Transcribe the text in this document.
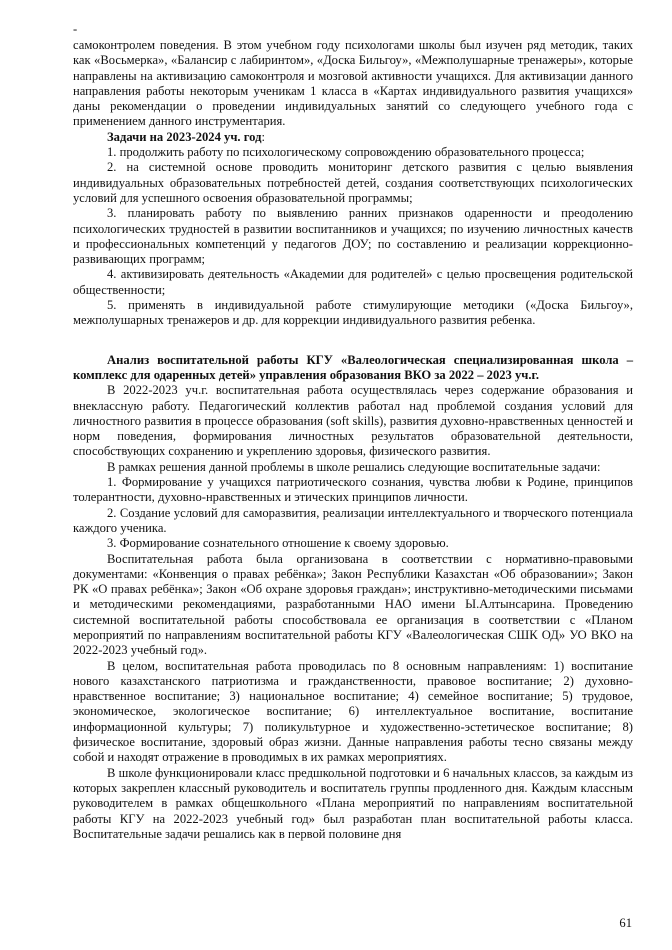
-

самоконтролем поведения. В этом учебном году психологами школы был изучен ряд методик, таких как «Восьмерка», «Балансир с лабиринтом», «Доска Бильгоу», «Межполушарные тренажеры», которые направлены на активизацию самоконтроля и мозговой активности учащихся. Для активизации данного направления работы некоторым ученикам 1 класса в «Картах индивидуального развития учащихся» даны рекомендации о проведении индивидуальных занятий со следующего учебного года с применением данного инструментария.

Задачи на 2023-2024 уч. год:

1. продолжить работу по психологическому сопровождению образовательного процесса;

2. на системной основе проводить мониторинг детского развития с целью выявления индивидуальных образовательных потребностей детей, создания соответствующих психологических условий для успешного освоения образовательной программы;

3. планировать работу по выявлению ранних признаков одаренности и преодолению психологических трудностей в развитии воспитанников и учащихся; по изучению личностных качеств и профессиональных компетенций у педагогов ДОУ; по составлению и реализации коррекционно-развивающих программ;

4. активизировать деятельность «Академии для родителей» с целью просвещения родительской общественности;

5. применять в индивидуальной работе стимулирующие методики («Доска Бильгоу», межполушарных тренажеров и др. для коррекции индивидуального развития ребенка.

Анализ воспитательной работы КГУ «Валеологическая специализированная школа – комплекс для одаренных детей» управления образования ВКО за 2022 – 2023 уч.г.

В 2022-2023 уч.г. воспитательная работа осуществлялась через содержание образования и внеклассную работу. Педагогический коллектив работал над проблемой создания условий для личностного развития в процессе образования (soft skills), развития духовно-нравственных ценностей и норм поведения, формирования личностных результатов образовательной деятельности, способствующих сохранению и укреплению здоровья, физического развития.

В рамках решения данной проблемы в школе решались следующие воспитательные задачи:

1. Формирование у учащихся патриотического сознания, чувства любви к Родине, принципов толерантности, духовно-нравственных и этических принципов личности.

2. Создание условий для саморазвития, реализации интеллектуального и творческого потенциала каждого ученика.

3. Формирование сознательного отношение к своему здоровью.

Воспитательная работа была организована в соответствии с нормативно-правовыми документами: «Конвенция о правах ребёнка»; Закон Республики Казахстан «Об образовании»; Закон РК «О правах ребёнка»; Закон «Об охране здоровья граждан»; инструктивно-методическими письмами и методическими рекомендациями, разработанными НАО имени Ы.Алтынсарина. Проведению системной воспитательной работы способствовала ее организация в соответствии с «Планом мероприятий по направлениям воспитательной работы КГУ «Валеологическая СШК ОД» УО ВКО на 2022-2023 учебный год».

В целом, воспитательная работа проводилась по 8 основным направлениям: 1) воспитание нового казахстанского патриотизма и гражданственности, правовое воспитание; 2) духовно-нравственное воспитание; 3) национальное воспитание; 4) семейное воспитание; 5) трудовое, экономическое, экологическое воспитание; 6) интеллектуальное воспитание, воспитание информационной культуры; 7) поликультурное и художественно-эстетическое воспитание; 8) физическое воспитание, здоровый образ жизни. Данные направления работы тесно связаны между собой и находят отражение в проводимых в их рамках мероприятиях.

В школе функционировали класс предшкольной подготовки и 6 начальных классов, за каждым из которых закреплен классный руководитель и воспитатель группы продленного дня. Каждым классным руководителем в рамках общешкольного «Плана мероприятий по направлениям воспитательной работы КГУ на 2022-2023 учебный год» был разработан план воспитательной работы класса. Воспитательные задачи решались как в первой половине дня

61
